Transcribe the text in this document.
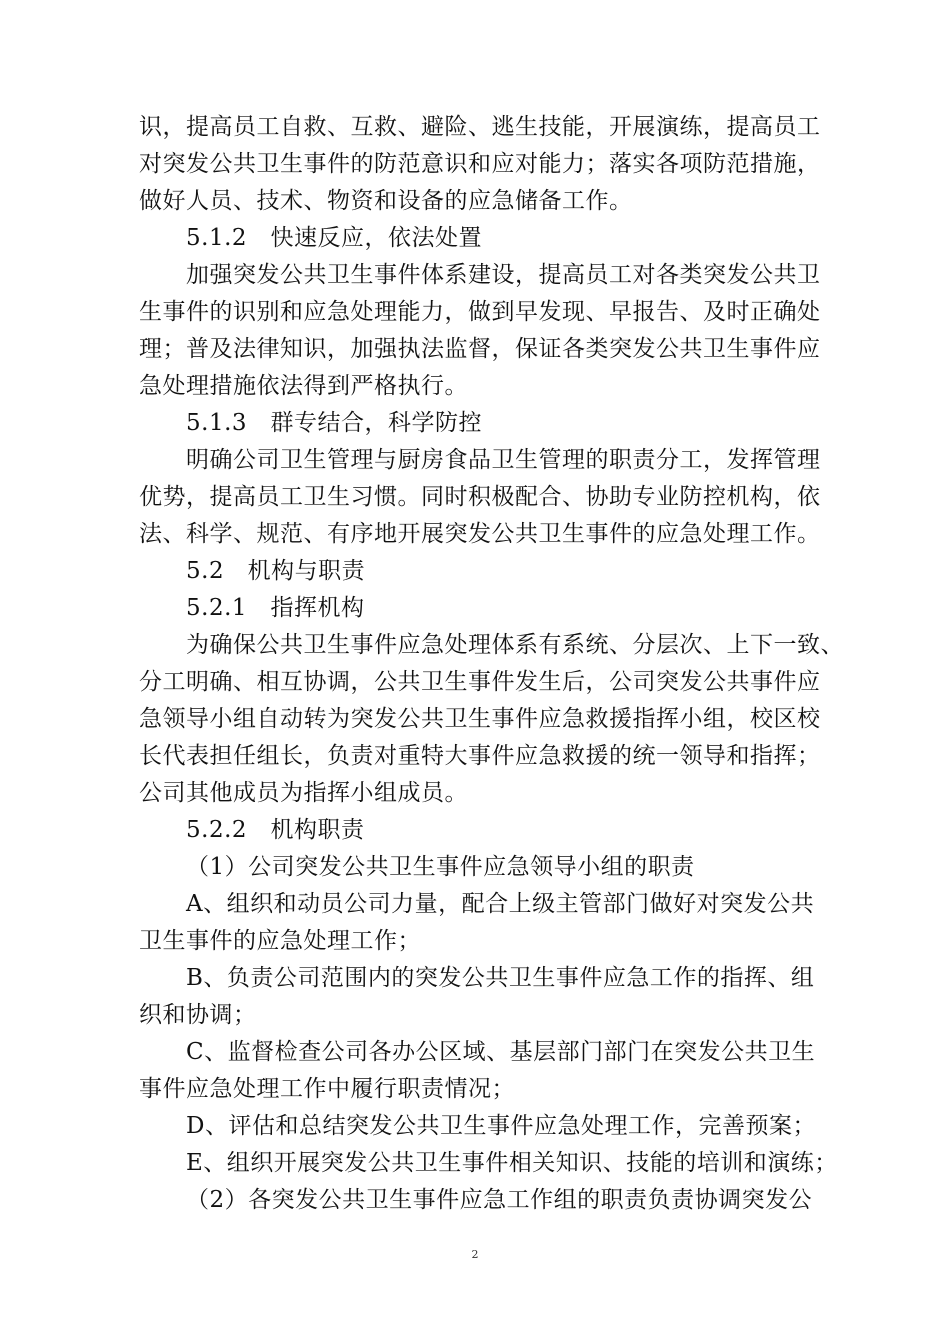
识，提高员工自救、互救、避险、逃生技能，开展演练，提高员工
对突发公共卫生事件的防范意识和应对能力；落实各项防范措施，
做好人员、技术、物资和设备的应急储备工作。
5.1.2　快速反应，依法处置
加强突发公共卫生事件体系建设，提高员工对各类突发公共卫
生事件的识别和应急处理能力，做到早发现、早报告、及时正确处
理；普及法律知识，加强执法监督，保证各类突发公共卫生事件应
急处理措施依法得到严格执行。
5.1.3　群专结合，科学防控
明确公司卫生管理与厨房食品卫生管理的职责分工，发挥管理
优势，提高员工卫生习惯。同时积极配合、协助专业防控机构，依
法、科学、规范、有序地开展突发公共卫生事件的应急处理工作。
5.2　机构与职责
5.2.1　指挥机构
为确保公共卫生事件应急处理体系有系统、分层次、上下一致、
分工明确、相互协调，公共卫生事件发生后，公司突发公共事件应
急领导小组自动转为突发公共卫生事件应急救援指挥小组，校区校
长代表担任组长，负责对重特大事件应急救援的统一领导和指挥；
公司其他成员为指挥小组成员。
5.2.2　机构职责
（1）公司突发公共卫生事件应急领导小组的职责
A、组织和动员公司力量，配合上级主管部门做好对突发公共
卫生事件的应急处理工作；
B、负责公司范围内的突发公共卫生事件应急工作的指挥、组
织和协调；
C、监督检查公司各办公区域、基层部门部门在突发公共卫生
事件应急处理工作中履行职责情况；
D、评估和总结突发公共卫生事件应急处理工作，完善预案；
E、组织开展突发公共卫生事件相关知识、技能的培训和演练；
（2）各突发公共卫生事件应急工作组的职责负责协调突发公
2
